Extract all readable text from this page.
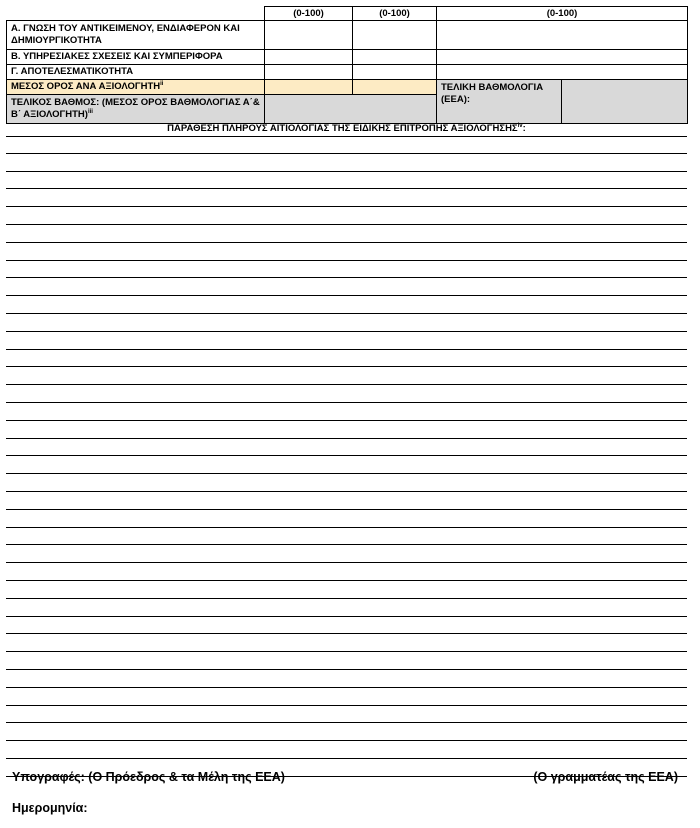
	(0-100)	(0-100)	(0-100)	
Α. ΓΝΩΣΗ ΤΟΥ ΑΝΤΙΚΕΙΜΕΝΟΥ, ΕΝΔΙΑΦΕΡΟΝ ΚΑΙ ΔΗΜΙΟΥΡΓΙΚΟΤΗΤΑ				
Β. ΥΠΗΡΕΣΙΑΚΕΣ ΣΧΕΣΕΙΣ ΚΑΙ ΣΥΜΠΕΡΙΦΟΡΑ				
Γ. ΑΠΟΤΕΛΕΣΜΑΤΙΚΟΤΗΤΑ				
ΜΕΣΟΣ ΟΡΟΣ ΑΝΑ ΑΞΙΟΛΟΓΗΤΗ$^{ii}$			ΤΕΛΙΚΗ ΒΑΘΜΟΛΟΓΙΑ (ΕΕΑ):	
ΤΕΛΙΚΟΣ ΒΑΘΜΟΣ: (ΜΕΣΟΣ ΟΡΟΣ ΒΑΘΜΟΛΟΓΙΑΣ Α΄& Β΄ ΑΞΙΟΛΟΓΗΤΗ)$^{iii}$	
ΠΑΡΑΘΕΣΗ ΠΛΗΡΟΥΣ ΑΙΤΙΟΛΟΓΙΑΣ ΤΗΣ ΕΙΔΙΚΗΣ ΕΠΙΤΡΟΠΗΣ ΑΞΙΟΛΟΓΗΣΗΣ$^{iv}$:
Υπογραφές: (Ο Πρόεδρος & τα Μέλη της ΕΕΑ)	(Ο γραμματέας της ΕΕΑ)
Ημερομηνία:
